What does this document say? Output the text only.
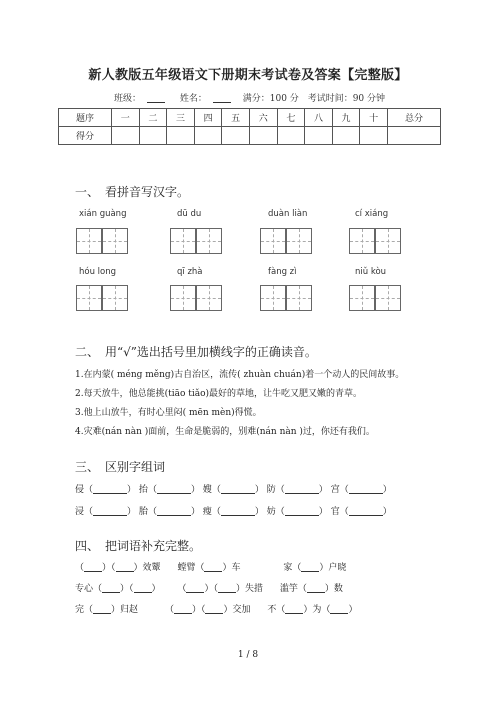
新人教版五年级语文下册期末考试卷及答案【完整版】
班级：	姓名：	满分：100 分 考试时间：90 分钟
题序	一	二	三	四	五	六	七	八	九	十	总分
得分											
一、 看拼音写汉字。
xián guàng	dū du	duàn liàn	cí xiáng
hóu long	qī zhà	fàng zì	niǔ kòu
二、 用“√”选出括号里加横线字的正确读音。
1.在内蒙( méng měng)古自治区，流传( zhuàn chuán)着一个动人的民间故事。
2.每天放牛，他总能挑(tiāo tiǎo)最好的草地，让牛吃又肥又嫩的青草。
3.他上山放牛，有时心里闷( mēn mèn)得慌。
4.灾难(nán nàn )面前，生命是脆弱的，别难(nán nàn )过，你还有我们。
三、 区别字组词
侵（	） 抬（	） 嫂（	） 防（	） 宫（	）
浸（	） 胎（	） 瘦（	） 妨（	） 官（	）
四、 把词语补充完整。
（ ）（ ）效颦 螳臂（ ）车	家（ ）户晓
专心（ ）（ ） （ ）（ ）失措 滥竽（ ）数
完（ ）归赵	（ ）（ ）交加 不（ ）为（ ）
1 / 8
